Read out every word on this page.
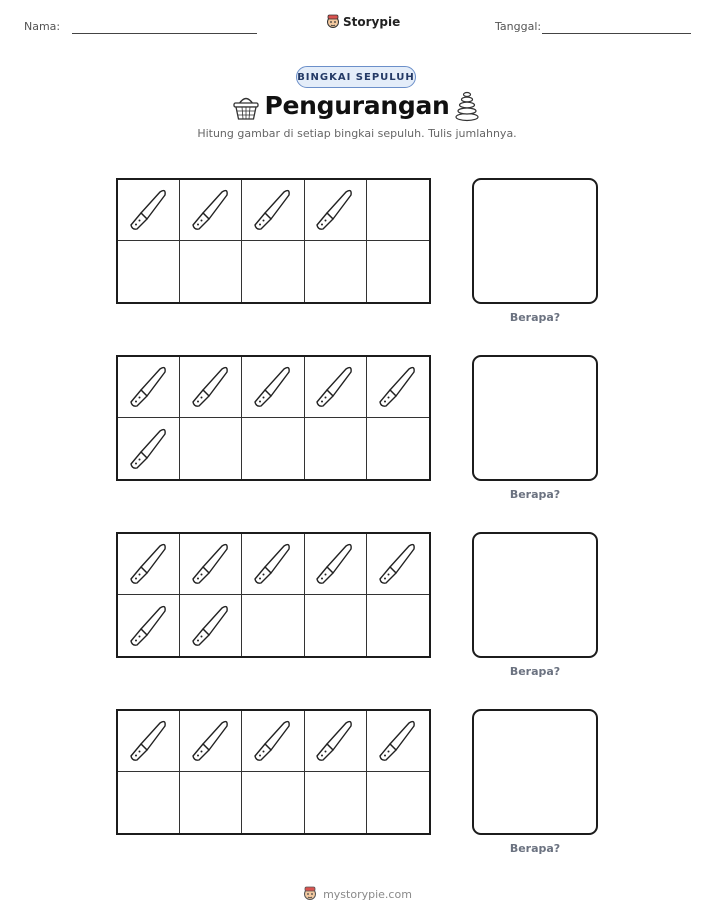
Nama:	Storypie	Tanggal:
BINGKAI SEPULUH
Pengurangan
Hitung gambar di setiap bingkai sepuluh. Tulis jumlahnya.
Berapa?
Berapa?
Berapa?
Berapa?
mystorypie.com
